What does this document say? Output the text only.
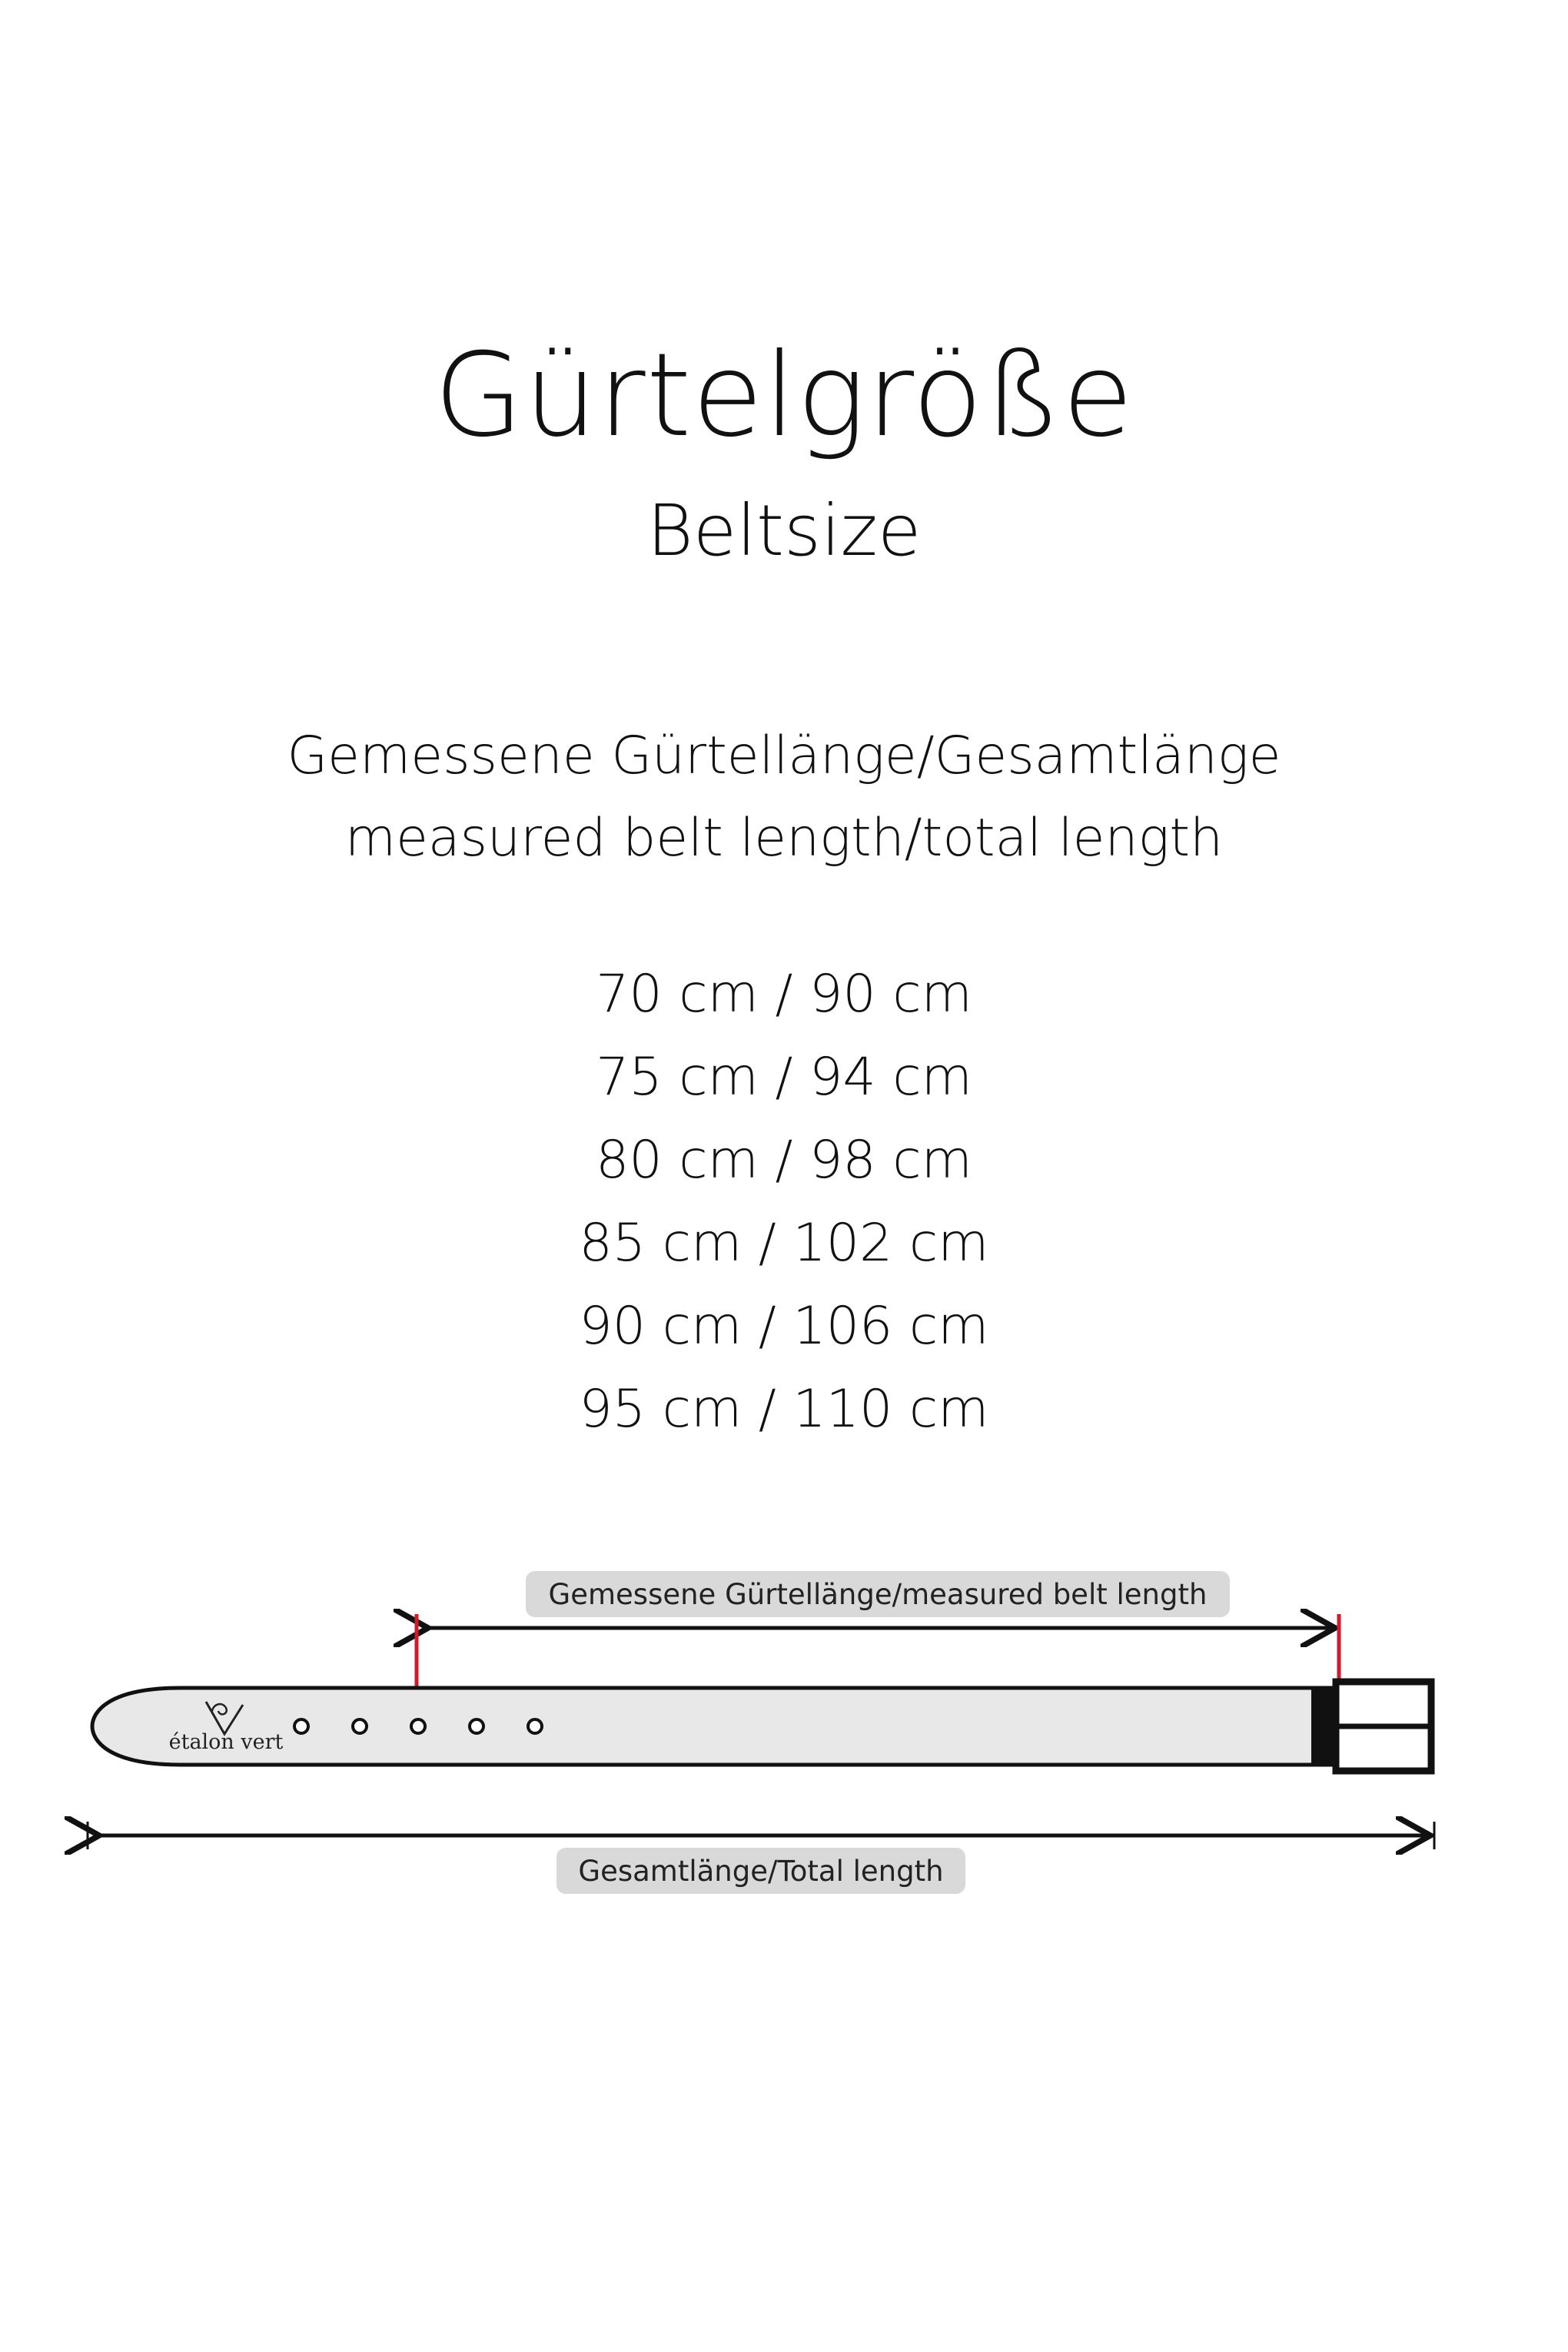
Gürtelgröße
Beltsize
Gemessene Gürtellänge/Gesamtlänge
measured belt length/total length
70 cm / 90 cm
75 cm / 94 cm
80 cm / 98 cm
85 cm / 102 cm
90 cm / 106 cm
95 cm / 110 cm
Gemessene Gürtellänge/measured belt length
étalon vert
Gesamtlänge/Total length
